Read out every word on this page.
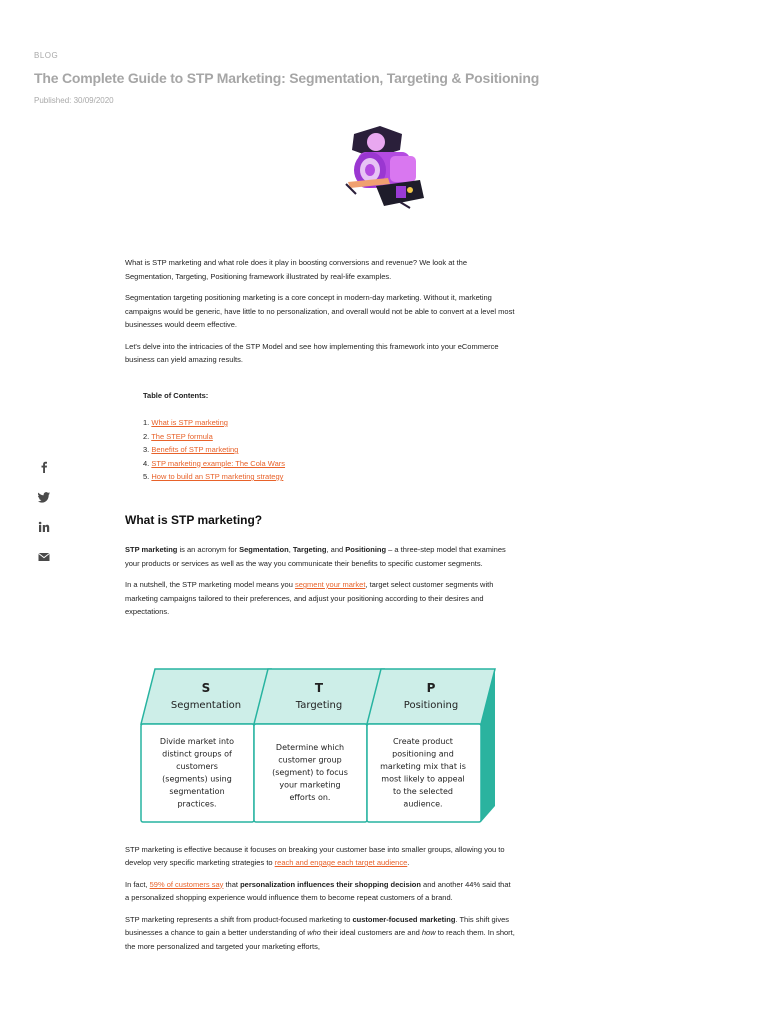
BLOG
The Complete Guide to STP Marketing: Segmentation, Targeting & Positioning
Published: 30/09/2020

What is STP marketing and what role does it play in boosting conversions and revenue? We look at the Segmentation, Targeting, Positioning framework illustrated by real-life examples.

Segmentation targeting positioning marketing is a core concept in modern-day marketing. Without it, marketing campaigns would be generic, have little to no personalization, and overall would not be able to convert at a level most businesses would deem effective.

Let's delve into the intricacies of the STP Model and see how implementing this framework into your eCommerce business can yield amazing results.

Table of Contents:
1. What is STP marketing
2. The STEP formula
3. Benefits of STP marketing
4. STP marketing example: The Cola Wars
5. How to build an STP marketing strategy
What is STP marketing?

STP marketing is an acronym for Segmentation, Targeting, and Positioning – a three-step model that examines your products or services as well as the way you communicate their benefits to specific customer segments.

In a nutshell, the STP marketing model means you segment your market, target select customer segments with marketing campaigns tailored to their preferences, and adjust your positioning according to their desires and expectations.

STP marketing is effective because it focuses on breaking your customer base into smaller groups, allowing you to develop very specific marketing strategies to reach and engage each target audience.

In fact, 59% of customers say that personalization influences their shopping decision and another 44% said that a personalized shopping experience would influence them to become repeat customers of a brand.

STP marketing represents a shift from product-focused marketing to customer-focused marketing. This shift gives businesses a chance to gain a better understanding of who their ideal customers are and how to reach them. In short, the more personalized and targeted your marketing efforts,

S
Segmentation
T
Targeting
P
Positioning
Divide market into
distinct groups of
customers
(segments) using
segmentation
practices.
Determine which
customer group
(segment) to focus
your marketing
efforts on.
Create product
positioning and
marketing mix that is
most likely to appeal
to the selected
audience.
